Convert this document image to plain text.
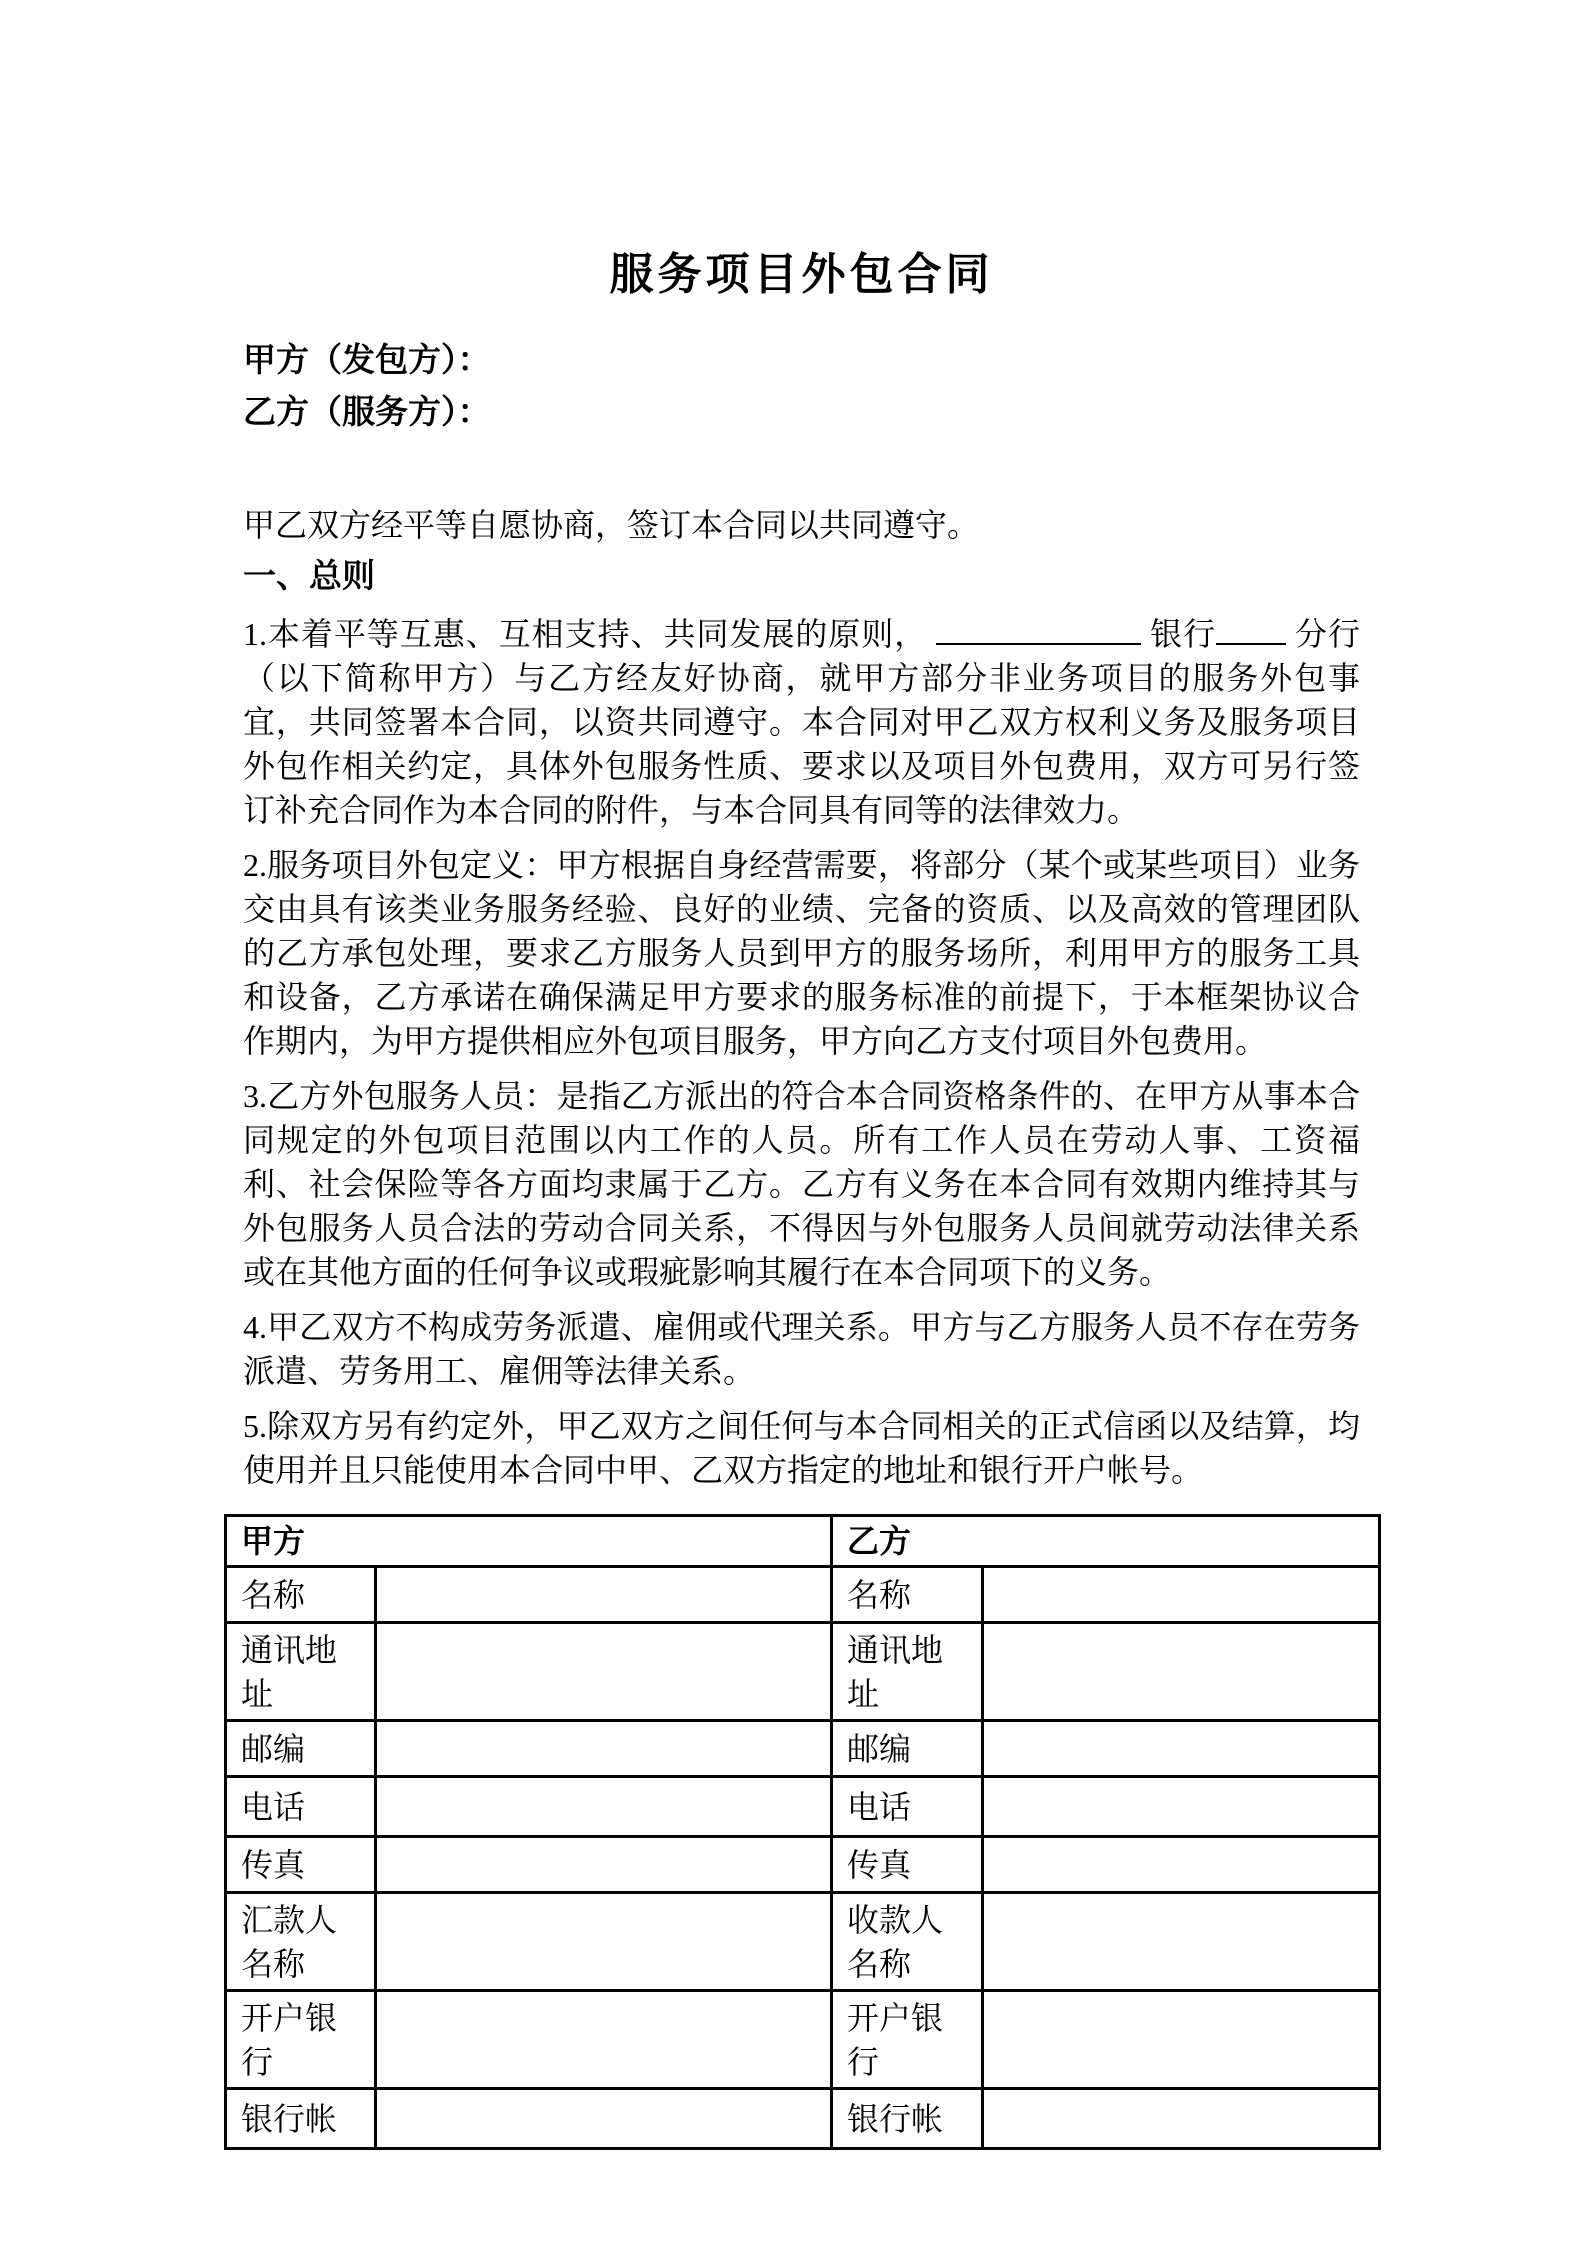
服务项目外包合同

甲方（发包方）：

乙方（服务方）：

甲乙双方经平等自愿协商，签订本合同以共同遵守。

一、总则

1.本着平等互惠、互相支持、共同发展的原则，	银行 分行（以下简称甲方）与乙方经友好协商，就甲方部分非业务项目的服务外包事宜，共同签署本合同，以资共同遵守。本合同对甲乙双方权利义务及服务项目外包作相关约定，具体外包服务性质、要求以及项目外包费用，双方可另行签订补充合同作为本合同的附件，与本合同具有同等的法律效力。

2.服务项目外包定义：甲方根据自身经营需要，将部分（某个或某些项目）业务交由具有该类业务服务经验、良好的业绩、完备的资质、以及高效的管理团队的乙方承包处理，要求乙方服务人员到甲方的服务场所，利用甲方的服务工具和设备，乙方承诺在确保满足甲方要求的服务标准的前提下，于本框架协议合作期内，为甲方提供相应外包项目服务，甲方向乙方支付项目外包费用。

3.乙方外包服务人员：是指乙方派出的符合本合同资格条件的、在甲方从事本合同规定的外包项目范围以内工作的人员。所有工作人员在劳动人事、工资福利、社会保险等各方面均隶属于乙方。乙方有义务在本合同有效期内维持其与外包服务人员合法的劳动合同关系，不得因与外包服务人员间就劳动法律关系或在其他方面的任何争议或瑕疵影响其履行在本合同项下的义务。

4.甲乙双方不构成劳务派遣、雇佣或代理关系。甲方与乙方服务人员不存在劳务派遣、劳务用工、雇佣等法律关系。

5.除双方另有约定外，甲乙双方之间任何与本合同相关的正式信函以及结算，均使用并且只能使用本合同中甲、乙双方指定的地址和银行开户帐号。

甲方		乙方	
名称		名称	
通讯地址		通讯地址	
邮编		邮编	
电话		电话	
传真		传真	
汇款人名称		收款人名称	
开户银行		开户银行	
银行帐		银行帐	
